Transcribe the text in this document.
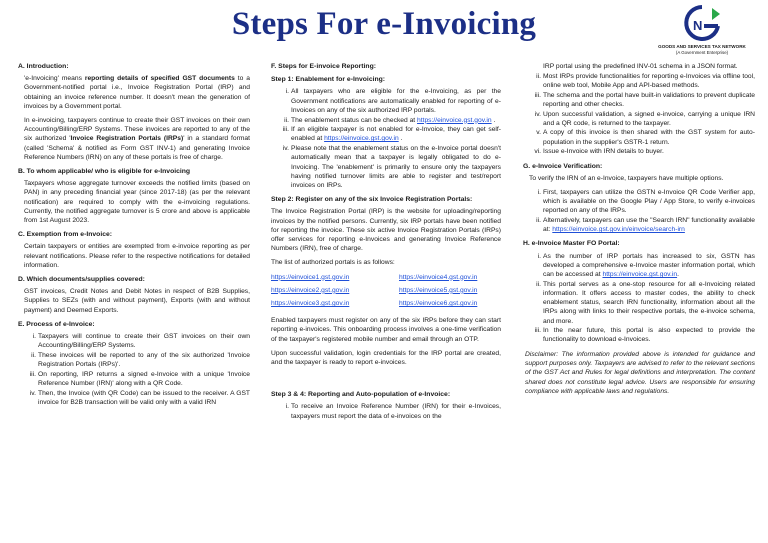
Steps For e-Invoicing	N
GOODS AND SERVICES TAX NETWORK
(A Government Enterprise)
A. Introduction:
'e-Invoicing' means reporting details of specified GST documents to a Government-notified portal i.e., Invoice Registration Portal (IRP) and obtaining an invoice reference number. It doesn't mean the generation of invoices by a Government portal.
In e-invoicing, taxpayers continue to create their GST invoices on their own Accounting/Billing/ERP Systems. These invoices are reported to any of the six authorized 'Invoice Registration Portals (IRPs)' in a standard format (called 'Schema' & notified as Form GST INV-1) and generating Invoice Reference Numbers (IRN) on any of these portals is free of charge.
B. To whom applicable/ who is eligible for e-Invoicing
Taxpayers whose aggregate turnover exceeds the notified limits (based on PAN) in any preceding financial year (since 2017-18) (as per the relevant notification) are required to comply with the e-invoicing regulations. Currently, the notified aggregate turnover is 5 crore and above is applicable from 1st August 2023.
C. Exemption from e-Invoice:
Certain taxpayers or entities are exempted from e-invoice reporting as per relevant notifications. Please refer to the respective notifications for detailed information.
D. Which documents/supplies covered:
GST invoices, Credit Notes and Debit Notes in respect of B2B Supplies, Supplies to SEZs (with and without payment), Exports (with and without payment) and Deemed Exports.
E. Process of e-Invoice:
i. Taxpayers will continue to create their GST invoices on their own Accounting/Billing/ERP Systems.
ii. These invoices will be reported to any of the six authorized 'Invoice Registration Portals (IRPs)'.
iii. On reporting, IRP returns a signed e-Invoice with a unique 'Invoice Reference Number (IRN)' along with a QR Code.
iv. Then, the Invoice (with QR Code) can be issued to the receiver. A GST invoice for B2B transaction will be valid only with a valid IRN
F. Steps for E-invoice Reporting:
Step 1: Enablement for e-Invoicing:
i. All taxpayers who are eligible for the e-Invoicing, as per the Government notifications are automatically enabled for reporting of e-Invoices on any of the six authorized IRP portals.
ii. The enablement status can be checked at https://einvoice.gst.gov.in .
iii. If an eligible taxpayer is not enabled for e-Invoice, they can get self-enabled at https://einvoice.gst.gov.in .
iv. Please note that the enablement status on the e-Invoice portal doesn't automatically mean that a taxpayer is legally obligated to do e-Invoicing. The 'enablement' is primarily to ensure only the taxpayers having notified turnover limits are able to register and test/report invoices on IRPs.
Step 2: Register on any of the six Invoice Registration Portals:
The Invoice Registration Portal (IRP) is the website for uploading/reporting invoices by the notified persons. Currently, six IRP portals have been notified for reporting the invoice. These six active Invoice Registration Portals (IRPs) offer services for reporting e-Invoices and generating Invoice Reference Numbers (IRN), free of charge.
The list of authorized portals is as follows:
https://einvoice1.gst.gov.in	https://einvoice4.gst.gov.in
https://einvoice2.gst.gov.in	https://einvoice5.gst.gov.in
https://einvoice3.gst.gov.in	https://einvoice6.gst.gov.in
Enabled taxpayers must register on any of the six IRPs before they can start reporting e-invoices. This onboarding process involves a one-time verification of the taxpayer's registered mobile number and email through an OTP.
Upon successful validation, login credentials for the IRP portal are created, and the taxpayer is ready to report e-invoices.
Step 3 & 4: Reporting and Auto-population of e-Invoice:
i. To receive an Invoice Reference Number (IRN) for their e-Invoices, taxpayers must report the data of e-invoices on the
IRP portal using the predefined INV-01 schema in a JSON format.
ii. Most IRPs provide functionalities for reporting e-Invoices via offline tool, online web tool, Mobile App and API-based methods.
iii. The schema and the portal have built-in validations to prevent duplicate reporting and other checks.
iv. Upon successful validation, a signed e-invoice, carrying a unique IRN and a QR code, is returned to the taxpayer.
v. A copy of this invoice is then shared with the GST system for auto-population in the supplier's GSTR-1 return.
vi. Issue e-Invoice with IRN details to buyer.
G. e-Invoice Verification:
To verify the IRN of an e-Invoice, taxpayers have multiple options.
i. First, taxpayers can utilize the GSTN e-Invoice QR Code Verifier app, which is available on the Google Play / App Store, to verify e-invoices reported on any of the IRPs.
ii. Alternatively, taxpayers can use the "Search IRN" functionality available at: https://einvoice.gst.gov.in/einvoice/search-irn
H. e-Invoice Master FO Portal:
i. As the number of IRP portals has increased to six, GSTN has developed a comprehensive e-Invoice master information portal, which can be accessed at https://einvoice.gst.gov.in.
ii. This portal serves as a one-stop resource for all e-Invoicing related information. It offers access to master codes, the ability to check enablement status, search IRN functionality, information about all the IRPs along with links to their respective portals, the e-invoice schema, and more.
iii. In the near future, this portal is also expected to provide the functionality to download e-Invoices.
Disclaimer: The information provided above is intended for guidance and support purposes only. Taxpayers are advised to refer to the relevant sections of the GST Act and Rules for legal definitions and interpretation. The content shared does not constitute legal advice. Users are responsible for ensuring compliance with applicable laws and regulations.
